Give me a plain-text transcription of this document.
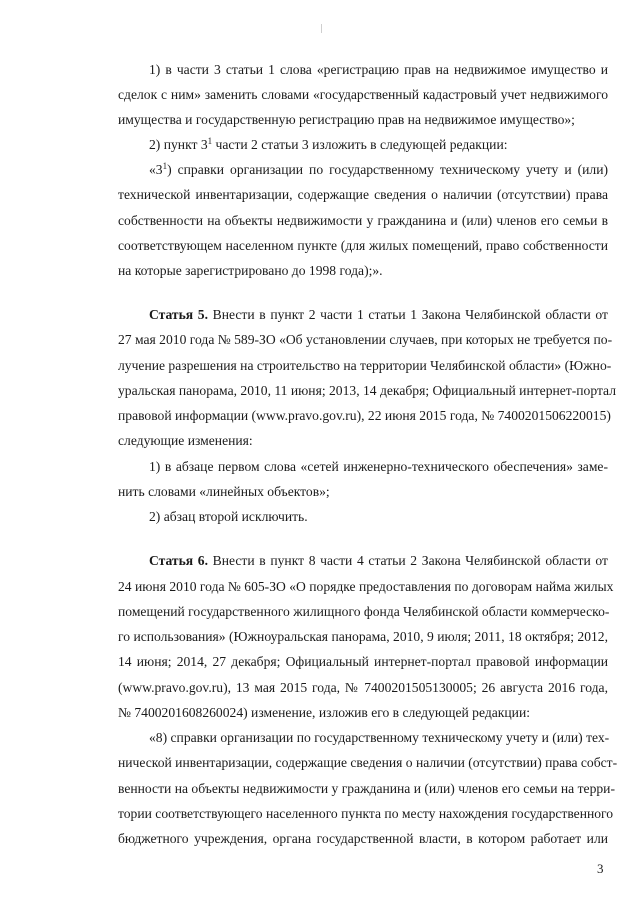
1) в части 3 статьи 1 слова «регистрацию прав на недвижимое имущество и
сделок с ним» заменить словами «государственный кадастровый учет недвижимого
имущества и государственную регистрацию прав на недвижимое имущество»;
2) пункт $3^1$ части 2 статьи 3 изложить в следующей редакции:
«$3^1$) справки организации по государственному техническому учету и (или)
технической инвентаризации, содержащие сведения о наличии (отсутствии) права
собственности на объекты недвижимости у гражданина и (или) членов его семьи в
соответствующем населенном пункте (для жилых помещений, право собственности
на которые зарегистрировано до 1998 года);».
Статья 5. Внести в пункт 2 части 1 статьи 1 Закона Челябинской области от
27 мая 2010 года № 589-ЗО «Об установлении случаев, при которых не требуется по-
лучение разрешения на строительство на территории Челябинской области» (Южно-
уральская панорама, 2010, 11 июня; 2013, 14 декабря; Официальный интернет-портал
правовой информации (www.pravo.gov.ru), 22 июня 2015 года, № 7400201506220015)
следующие изменения:
1) в абзаце первом слова «сетей инженерно-технического обеспечения» заме-
нить словами «линейных объектов»;
2) абзац второй исключить.
Статья 6. Внести в пункт 8 части 4 статьи 2 Закона Челябинской области от
24 июня 2010 года № 605-ЗО «О порядке предоставления по договорам найма жилых
помещений государственного жилищного фонда Челябинской области коммерческо-
го использования» (Южноуральская панорама, 2010, 9 июля; 2011, 18 октября; 2012,
14 июня; 2014, 27 декабря; Официальный интернет-портал правовой информации
(www.pravo.gov.ru), 13 мая 2015 года, № 7400201505130005; 26 августа 2016 года,
№ 7400201608260024) изменение, изложив его в следующей редакции:
«8) справки организации по государственному техническому учету и (или) тех-
нической инвентаризации, содержащие сведения о наличии (отсутствии) права собст-
венности на объекты недвижимости у гражданина и (или) членов его семьи на терри-
тории соответствующего населенного пункта по месту нахождения государственного
бюджетного учреждения, органа государственной власти, в котором работает или
3
